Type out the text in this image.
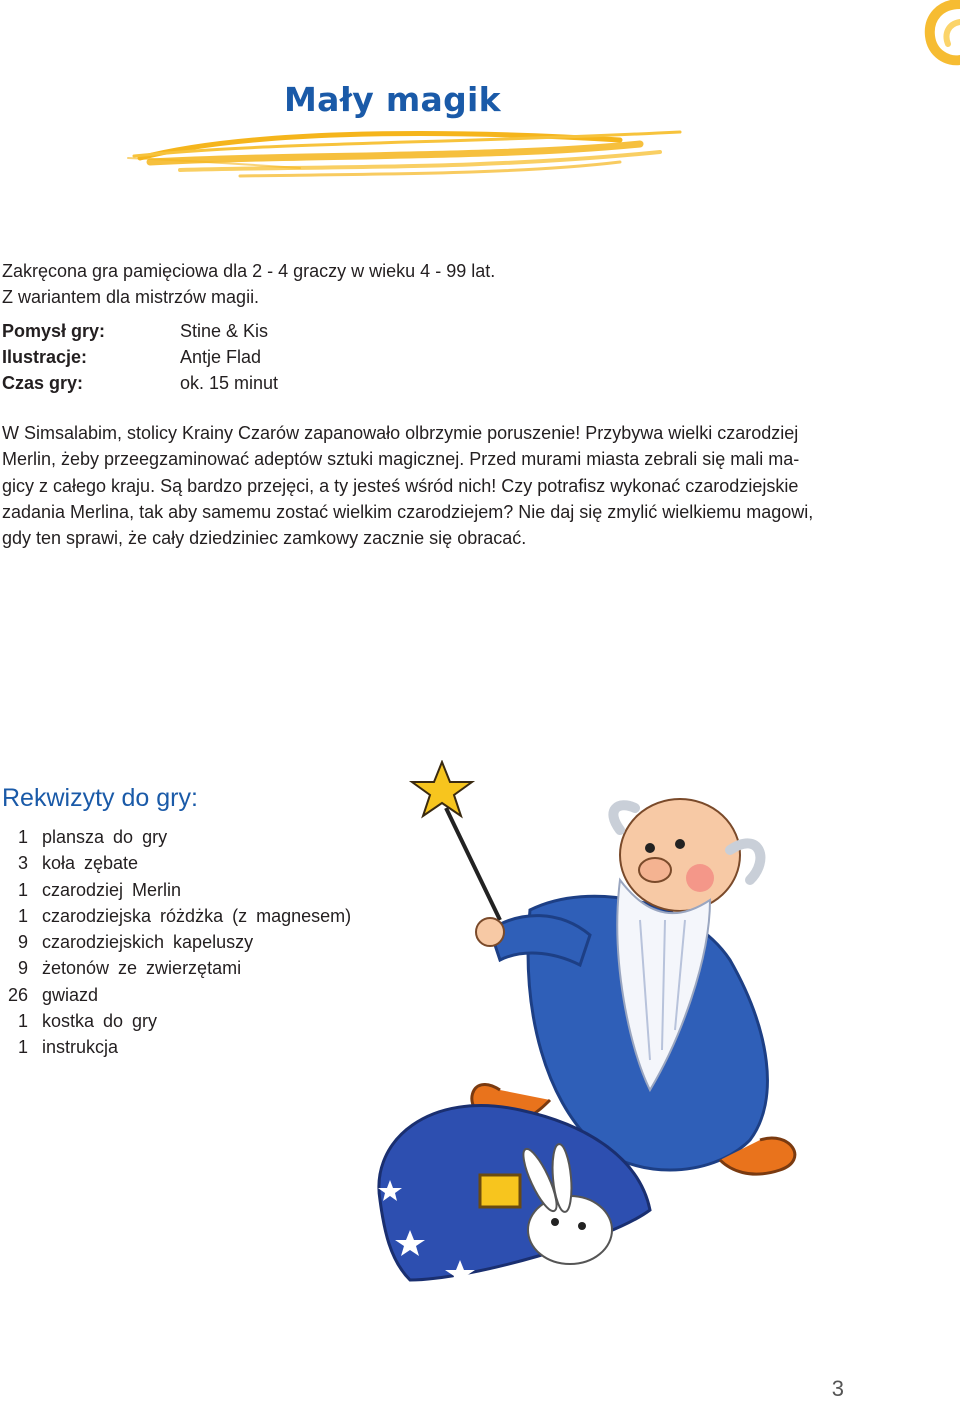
Mały magik
Zakręcona gra pamięciowa dla 2 - 4 graczy w wieku 4 - 99 lat.
Z wariantem dla mistrzów magii.
Pomysł gry:	Stine & Kis
Ilustracje:	Antje Flad
Czas gry:	ok. 15 minut
W Simsalabim, stolicy Krainy Czarów zapanowało olbrzymie poruszenie! Przybywa wielki czarodziej
Merlin, żeby przeegzaminować adeptów sztuki magicznej. Przed murami miasta zebrali się mali ma-
gicy z całego kraju. Są bardzo przejęci, a ty jesteś wśród nich! Czy potrafisz wykonać czarodziejskie
zadania Merlina, tak aby samemu zostać wielkim czarodziejem? Nie daj się zmylić wielkiemu magowi,
gdy ten sprawi, że cały dziedziniec zamkowy zacznie się obracać.
Rekwizyty do gry:
1 plansza do gry
3 koła zębate
1 czarodziej Merlin
1 czarodziejska różdżka (z magnesem)
9 czarodziejskich kapeluszy
9 żetonów ze zwierzętami
26 gwiazd
1 kostka do gry
1 instrukcja
3
